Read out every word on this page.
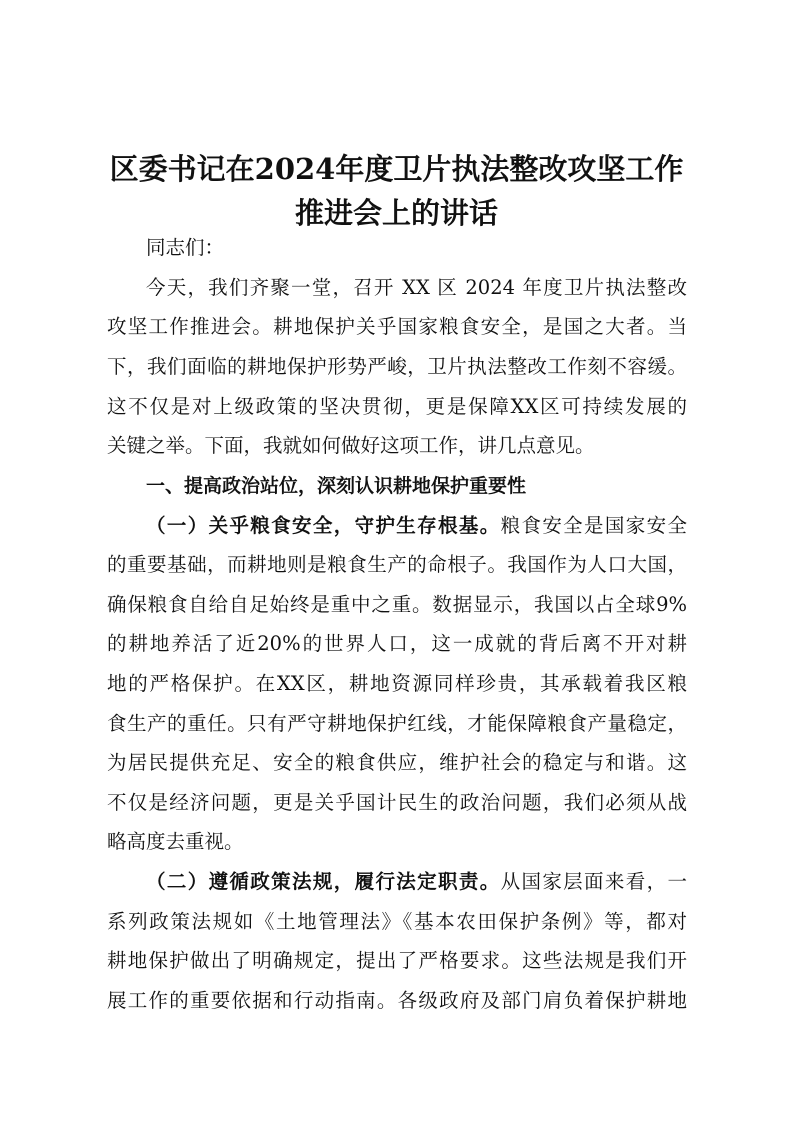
区委书记在2024年度卫片执法整改攻坚工作
推进会上的讲话
同志们：
今天，我们齐聚一堂，召开 XX 区 2024 年度卫片执法整改
攻坚工作推进会。耕地保护关乎国家粮食安全，是国之大者。当
下，我们面临的耕地保护形势严峻，卫片执法整改工作刻不容缓。
这不仅是对上级政策的坚决贯彻，更是保障XX区可持续发展的
关键之举。下面，我就如何做好这项工作，讲几点意见。
一、提高政治站位，深刻认识耕地保护重要性
（一）关乎粮食安全，守护生存根基。粮食安全是国家安全
的重要基础，而耕地则是粮食生产的命根子。我国作为人口大国，
确保粮食自给自足始终是重中之重。数据显示，我国以占全球9%
的耕地养活了近20%的世界人口，这一成就的背后离不开对耕
地的严格保护。在XX区，耕地资源同样珍贵，其承载着我区粮
食生产的重任。只有严守耕地保护红线，才能保障粮食产量稳定，
为居民提供充足、安全的粮食供应，维护社会的稳定与和谐。这
不仅是经济问题，更是关乎国计民生的政治问题，我们必须从战
略高度去重视。
（二）遵循政策法规，履行法定职责。从国家层面来看，一
系列政策法规如《土地管理法》《基本农田保护条例》等，都对
耕地保护做出了明确规定，提出了严格要求。这些法规是我们开
展工作的重要依据和行动指南。各级政府及部门肩负着保护耕地
